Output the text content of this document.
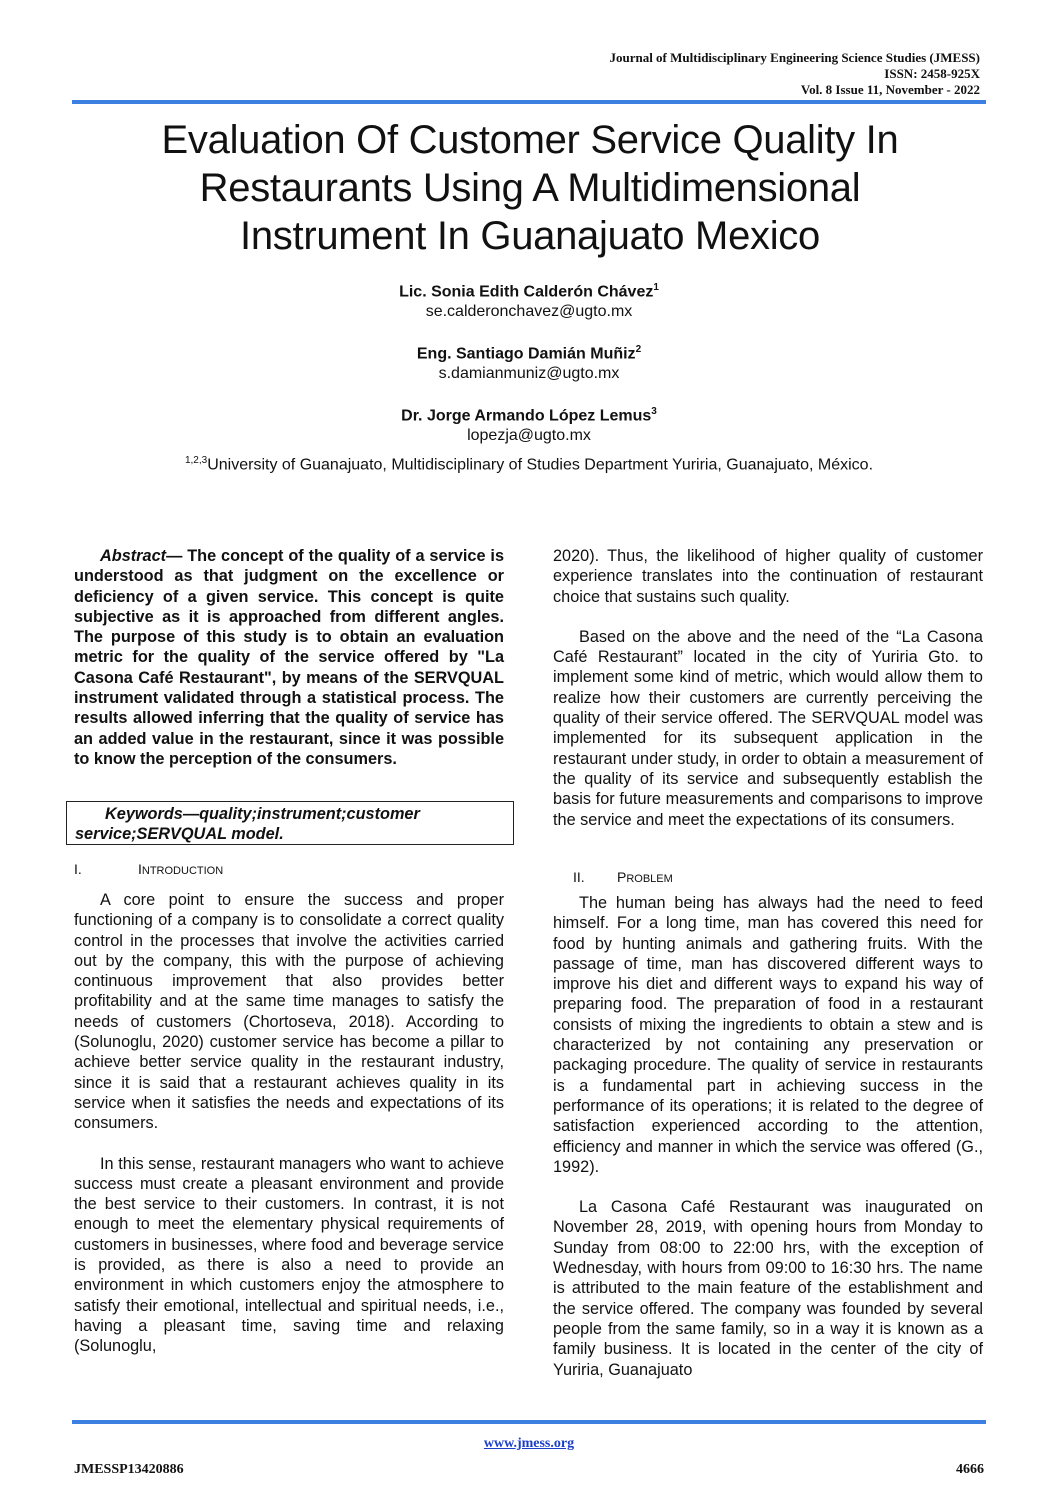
Journal of Multidisciplinary Engineering Science Studies (JMESS)
ISSN: 2458-925X
Vol. 8 Issue 11, November - 2022
Evaluation Of Customer Service Quality In
Restaurants Using A Multidimensional
Instrument In Guanajuato Mexico
Lic. Sonia Edith Calderón Chávez$^1$
se.calderonchavez@ugto.mx
Eng. Santiago Damián Muñiz$^2$
s.damianmuniz@ugto.mx
Dr. Jorge Armando López Lemus$^3$
lopezja@ugto.mx
$^{1,2,3}$University of Guanajuato, Multidisciplinary of Studies Department Yuriria, Guanajuato, México.

Abstract— The concept of the quality of a service is understood as that judgment on the excellence or deficiency of a given service. This concept is quite subjective as it is approached from different angles. The purpose of this study is to obtain an evaluation metric for the quality of the service offered by "La Casona Café Restaurant", by means of the SERVQUAL instrument validated through a statistical process. The results allowed inferring that the quality of service has an added value in the restaurant, since it was possible to know the perception of the consumers.

Keywords—quality;instrument;customer service;SERVQUAL model.
I.	INTRODUCTION

A core point to ensure the success and proper functioning of a company is to consolidate a correct quality control in the processes that involve the activities carried out by the company, this with the purpose of achieving continuous improvement that also provides better profitability and at the same time manages to satisfy the needs of customers (Chortoseva, 2018). According to (Solunoglu, 2020) customer service has become a pillar to achieve better service quality in the restaurant industry, since it is said that a restaurant achieves quality in its service when it satisfies the needs and expectations of its consumers.

In this sense, restaurant managers who want to achieve success must create a pleasant environment and provide the best service to their customers. In contrast, it is not enough to meet the elementary physical requirements of customers in businesses, where food and beverage service is provided, as there is also a need to provide an environment in which customers enjoy the atmosphere to satisfy their emotional, intellectual and spiritual needs, i.e., having a pleasant time, saving time and relaxing (Solunoglu,

2020). Thus, the likelihood of higher quality of customer experience translates into the continuation of restaurant choice that sustains such quality.

Based on the above and the need of the “La Casona Café Restaurant” located in the city of Yuriria Gto. to implement some kind of metric, which would allow them to realize how their customers are currently perceiving the quality of their service offered. The SERVQUAL model was implemented for its subsequent application in the restaurant under study, in order to obtain a measurement of the quality of its service and subsequently establish the basis for future measurements and comparisons to improve the service and meet the expectations of its consumers.

II. PROBLEM

The human being has always had the need to feed himself. For a long time, man has covered this need for food by hunting animals and gathering fruits. With the passage of time, man has discovered different ways to improve his diet and different ways to expand his way of preparing food. The preparation of food in a restaurant consists of mixing the ingredients to obtain a stew and is characterized by not containing any preservation or packaging procedure. The quality of service in restaurants is a fundamental part in achieving success in the performance of its operations; it is related to the degree of satisfaction experienced according to the attention, efficiency and manner in which the service was offered (G., 1992).

La Casona Café Restaurant was inaugurated on November 28, 2019, with opening hours from Monday to Sunday from 08:00 to 22:00 hrs, with the exception of Wednesday, with hours from 09:00 to 16:30 hrs. The name is attributed to the main feature of the establishment and the service offered. The company was founded by several people from the same family, so in a way it is known as a family business. It is located in the center of the city of Yuriria, Guanajuato

www.jmess.org
JMESSP13420886	4666
